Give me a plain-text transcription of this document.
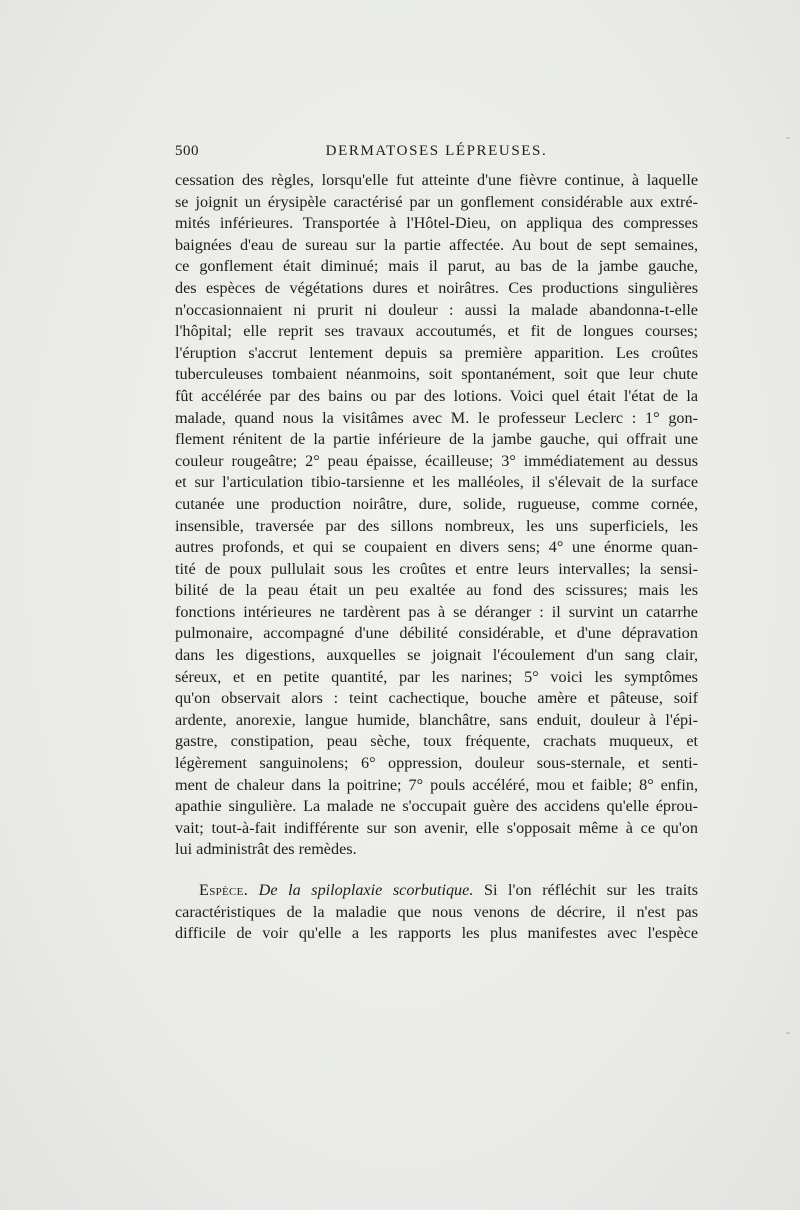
500	DERMATOSES LÉPREUSES.
cessation des règles, lorsqu'elle fut atteinte d'une fièvre continue, à laquelle
se joignit un érysipèle caractérisé par un gonflement considérable aux extré-
mités inférieures. Transportée à l'Hôtel-Dieu, on appliqua des compresses
baignées d'eau de sureau sur la partie affectée. Au bout de sept semaines,
ce gonflement était diminué; mais il parut, au bas de la jambe gauche,
des espèces de végétations dures et noirâtres. Ces productions singulières
n'occasionnaient ni prurit ni douleur : aussi la malade abandonna-t-elle
l'hôpital; elle reprit ses travaux accoutumés, et fit de longues courses;
l'éruption s'accrut lentement depuis sa première apparition. Les croûtes
tuberculeuses tombaient néanmoins, soit spontanément, soit que leur chute
fût accélérée par des bains ou par des lotions. Voici quel était l'état de la
malade, quand nous la visitâmes avec M. le professeur Leclerc : 1° gon-
flement rénitent de la partie inférieure de la jambe gauche, qui offrait une
couleur rougeâtre; 2° peau épaisse, écailleuse; 3° immédiatement au dessus
et sur l'articulation tibio-tarsienne et les malléoles, il s'élevait de la surface
cutanée une production noirâtre, dure, solide, rugueuse, comme cornée,
insensible, traversée par des sillons nombreux, les uns superficiels, les
autres profonds, et qui se coupaient en divers sens; 4° une énorme quan-
tité de poux pullulait sous les croûtes et entre leurs intervalles; la sensi-
bilité de la peau était un peu exaltée au fond des scissures; mais les
fonctions intérieures ne tardèrent pas à se déranger : il survint un catarrhe
pulmonaire, accompagné d'une débilité considérable, et d'une dépravation
dans les digestions, auxquelles se joignait l'écoulement d'un sang clair,
séreux, et en petite quantité, par les narines; 5° voici les symptômes
qu'on observait alors : teint cachectique, bouche amère et pâteuse, soif
ardente, anorexie, langue humide, blanchâtre, sans enduit, douleur à l'épi-
gastre, constipation, peau sèche, toux fréquente, crachats muqueux, et
légèrement sanguinolens; 6° oppression, douleur sous-sternale, et senti-
ment de chaleur dans la poitrine; 7° pouls accéléré, mou et faible; 8° enfin,
apathie singulière. La malade ne s'occupait guère des accidens qu'elle éprou-
vait; tout-à-fait indifférente sur son avenir, elle s'opposait même à ce qu'on
lui administrât des remèdes.
Espèce. De la spiloplaxie scorbutique. Si l'on réfléchit sur les traits
caractéristiques de la maladie que nous venons de décrire, il n'est pas
difficile de voir qu'elle a les rapports les plus manifestes avec l'espèce
-
-
